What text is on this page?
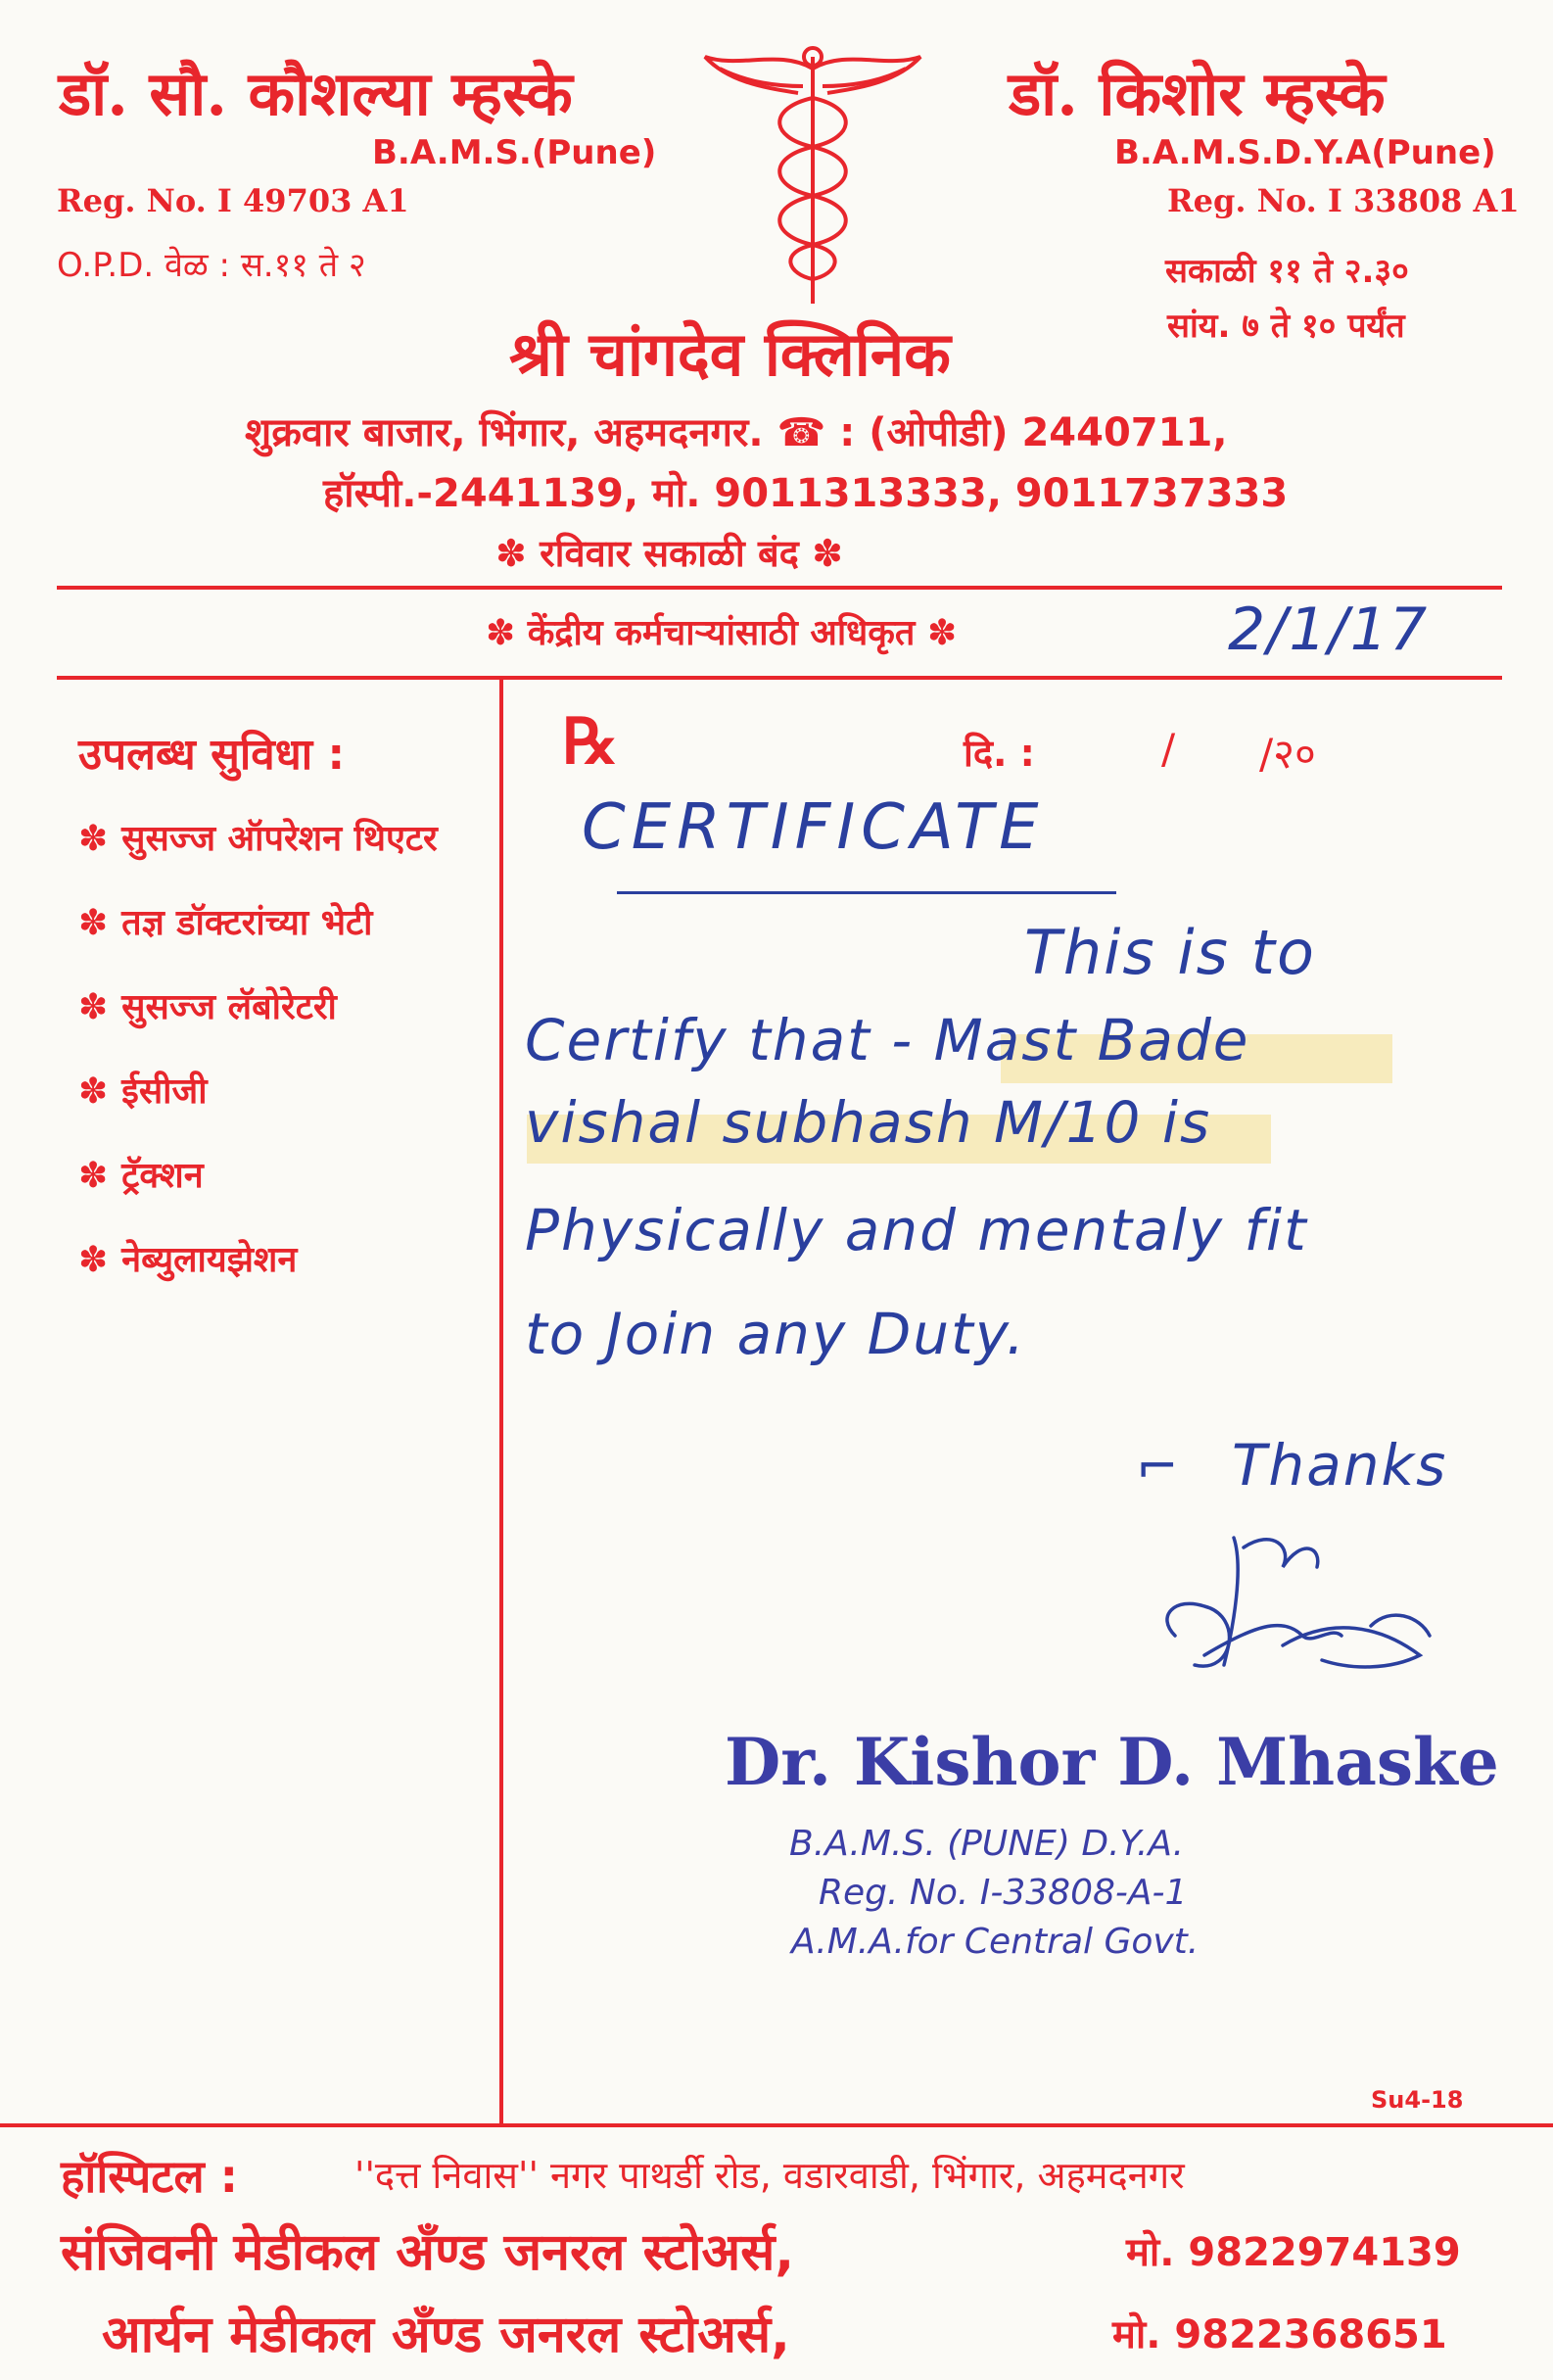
डॉ. सौ. कौशल्या म्हस्के
B.A.M.S.(Pune)
Reg. No. I 49703 A1
O.P.D. वेळ : स.११ ते २
डॉ. किशोर म्हस्के
B.A.M.S.D.Y.A(Pune)
Reg. No. I 33808 A1
सकाळी ११ ते २.३०
सांय. ७ ते १० पर्यंत
श्री चांगदेव क्लिनिक
शुक्रवार बाजार, भिंगार, अहमदनगर. ☎ : (ओपीडी) 2440711,
हॉस्पी.-2441139, मो. 9011313333, 9011737333
✽ रविवार सकाळी बंद ✽
✽ केंद्रीय कर्मचाऱ्यांसाठी अधिकृत ✽	2/1/17
उपलब्ध सुविधा :
✽ सुसज्ज ऑपरेशन थिएटर
✽ तज्ञ डॉक्टरांच्या भेटी
✽ सुसज्ज लॅबोरेटरी
✽ ईसीजी
✽ ट्रॅक्शन
✽ नेब्युलायझेशन
℞	दि. :	/ /२०
CERTIFICATE
This is to
Certify that - Mast Bade
vishal subhash M/10 is
Physically and mentaly fit
to Join any Duty.
⌐ Thanks
Dr. Kishor D. Mhaske
B.A.M.S. (PUNE) D.Y.A.
Reg. No. I-33808-A-1
A.M.A.for Central Govt.
Su4-18
हॉस्पिटल :	''दत्त निवास'' नगर पाथर्डी रोड, वडारवाडी, भिंगार, अहमदनगर
संजिवनी मेडीकल अँण्ड जनरल स्टोअर्स,	मो. 9822974139
आर्यन मेडीकल अँण्ड जनरल स्टोअर्स,	मो. 9822368651
